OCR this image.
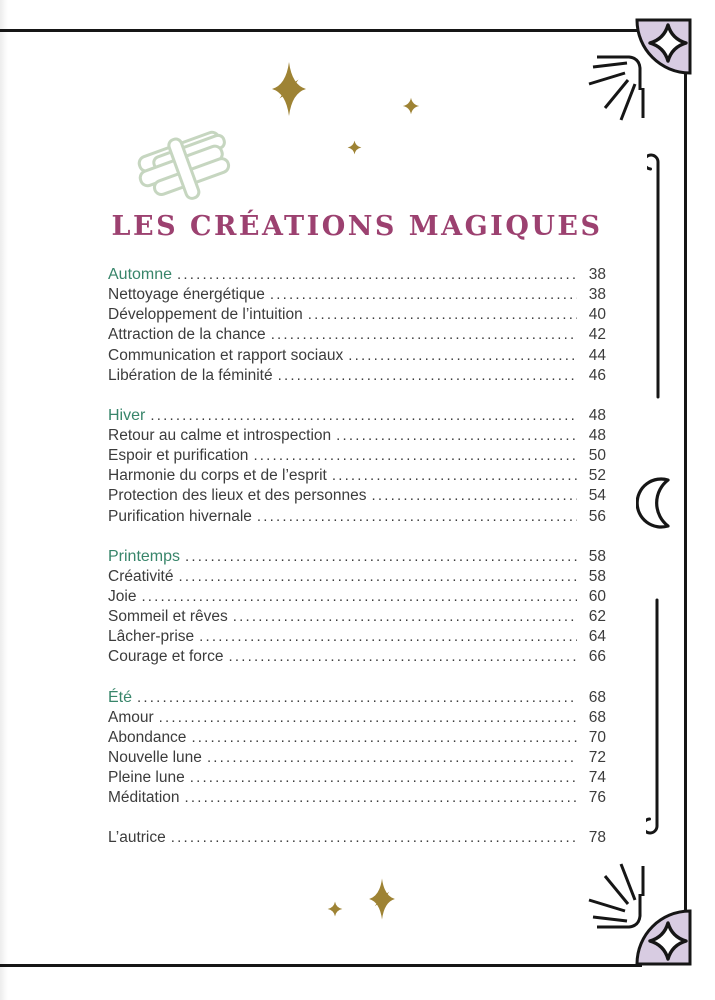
LES CRÉATIONS MAGIQUES
Automne .....	38
Nettoyage énergétique .....	38
Développement de l’intuition .....	40
Attraction de la chance .....	42
Communication et rapport sociaux .....	44
Libération de la féminité .....	46
Hiver .....	48
Retour au calme et introspection .....	48
Espoir et purification .....	50
Harmonie du corps et de l’esprit .....	52
Protection des lieux et des personnes .....	54
Purification hivernale .....	56
Printemps .....	58
Créativité .....	58
Joie .....	60
Sommeil et rêves .....	62
Lâcher-prise .....	64
Courage et force .....	66
Été .....	68
Amour .....	68
Abondance .....	70
Nouvelle lune .....	72
Pleine lune .....	74
Méditation .....	76
L’autrice .....	78
